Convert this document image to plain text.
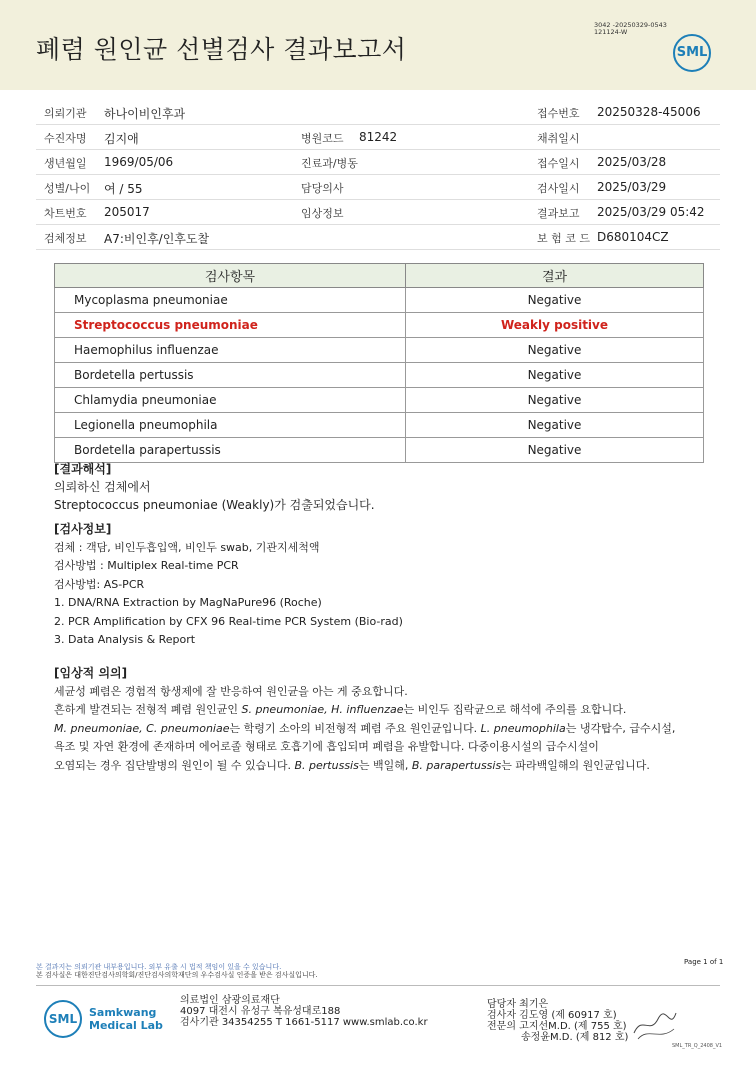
폐렴 원인균 선별검사 결과보고서
3042 -20250329-0543
121124-W
SML
의뢰기관 하나이비인후과	접수번호 20250328-45006
수진자명 김지애	병원코드 81242	채취일시
생년월일 1969/05/06	진료과/병동	접수일시 2025/03/28
성별/나이 여 / 55	담당의사	검사일시 2025/03/29
차트번호 205017	임상정보	결과보고 2025/03/29 05:42
검체정보 A7:비인후/인후도찰	보 험 코 드 D680104CZ
검사항목	결과
Mycoplasma pneumoniae	Negative
Streptococcus pneumoniae	Weakly positive
Haemophilus influenzae	Negative
Bordetella pertussis	Negative
Chlamydia pneumoniae	Negative
Legionella pneumophila	Negative
Bordetella parapertussis	Negative
[결과해석]
의뢰하신 검체에서
Streptococcus pneumoniae (Weakly)가 검출되었습니다.
[검사정보]
검체 : 객담, 비인두흡입액, 비인두 swab, 기관지세척액
검사방법 : Multiplex Real-time PCR
검사방법: AS-PCR
1. DNA/RNA Extraction by MagNaPure96 (Roche)
2. PCR Amplification by CFX 96 Real-time PCR System (Bio-rad)
3. Data Analysis & Report
[임상적 의의]
세균성 폐렴은 경험적 항생제에 잘 반응하여 원인균을 아는 게 중요합니다.
흔하게 발견되는 전형적 폐렴 원인균인 S. pneumoniae, H. influenzae는 비인두 집락균으로 해석에 주의를 요합니다.
M. pneumoniae, C. pneumoniae는 학령기 소아의 비전형적 폐렴 주요 원인균입니다. L. pneumophila는 냉각탑수, 급수시설,
욕조 및 자연 환경에 존재하며 에어로졸 형태로 호흡기에 흡입되며 폐렴을 유발합니다. 다중이용시설의 급수시설이
오염되는 경우 집단발병의 원인이 될 수 있습니다. B. pertussis는 백일해, B. parapertussis는 파라백일해의 원인균입니다.
본 결과지는 의뢰기관 내부용입니다. 외부 유출 시 법적 책임이 있을 수 있습니다.
본 검사실은 대한진단검사의학회/진단검사의학재단의 우수검사실 인증을 받은 검사실입니다.
Page 1 of 1
SML Samkwang
Medical Lab
의료법인 삼광의료재단
4097 대전시 유성구 복유성대로188
검사기관 34354255 T 1661-5117 www.smlab.co.kr
담당자 최기은
검사자 김도영 (제 60917 호)
전문의 고지선M.D. (제 755 호)
송정윤M.D. (제 812 호)
SML_TR_Q_2408_V1
